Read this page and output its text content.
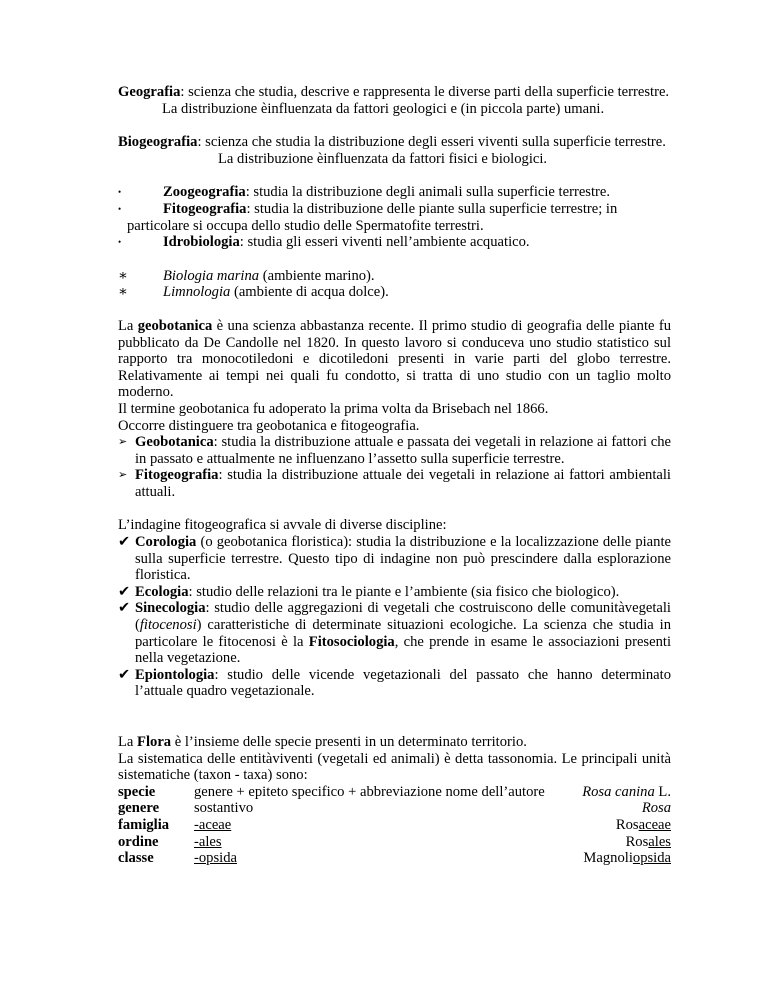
Geografia: scienza che studia, descrive e rappresenta le diverse parti della superficie terrestre.

La distribuzione èinfluenzata da fattori geologici e (in piccola parte) umani.

Biogeografia: scienza che studia la distribuzione degli esseri viventi sulla superficie terrestre.

La distribuzione èinfluenzata da fattori fisici e biologici.

•	Zoogeografia: studia la distribuzione degli animali sulla superficie terrestre.
•	Fitogeografia: studia la distribuzione delle piante sulla superficie terrestre; in
particolare si occupa dello studio delle Spermatofite terrestri.
•	Idrobiologia: studia gli esseri viventi nell’ambiente acquatico.
∗ Biologia marina (ambiente marino).
∗ Limnologia (ambiente di acqua dolce).

La geobotanica è una scienza abbastanza recente. Il primo studio di geografia delle piante fu pubblicato da De Candolle nel 1820. In questo lavoro si conduceva uno studio statistico sul rapporto tra monocotiledoni e dicotiledoni presenti in varie parti del globo terrestre. Relativamente ai tempi nei quali fu condotto, si tratta di uno studio con un taglio molto moderno.

Il termine geobotanica fu adoperato la prima volta da Brisebach nel 1866.

Occorre distinguere tra geobotanica e fitogeografia.

➢ Geobotanica: studia la distribuzione attuale e passata dei vegetali in relazione ai fattori che in passato e attualmente ne influenzano l’assetto sulla superficie terrestre.
➢ Fitogeografia: studia la distribuzione attuale dei vegetali in relazione ai fattori ambientali attuali.

L’indagine fitogeografica si avvale di diverse discipline:

✔ Corologia (o geobotanica floristica): studia la distribuzione e la localizzazione delle piante sulla superficie terrestre. Questo tipo di indagine non può prescindere dalla esplorazione floristica.
✔ Ecologia: studio delle relazioni tra le piante e l’ambiente (sia fisico che biologico).
✔ Sinecologia: studio delle aggregazioni di vegetali che costruiscono delle comunitàvegetali (fitocenosi) caratteristiche di determinate situazioni ecologiche. La scienza che studia in particolare le fitocenosi è la Fitosociologia, che prende in esame le associazioni presenti nella vegetazione.
✔ Epiontologia: studio delle vicende vegetazionali del passato che hanno determinato l’attuale quadro vegetazionale.

La Flora è l’insieme delle specie presenti in un determinato territorio.

La sistematica delle entitàviventi (vegetali ed animali) è detta tassonomia. Le principali unità sistematiche (taxon - taxa) sono:

specie	genere + epiteto specifico + abbreviazione nome dell’autore	Rosa canina L.
genere	sostantivo	Rosa
famiglia	-aceae	Rosaceae
ordine	-ales	Rosales
classe	-opsida	Magnoliopsida
